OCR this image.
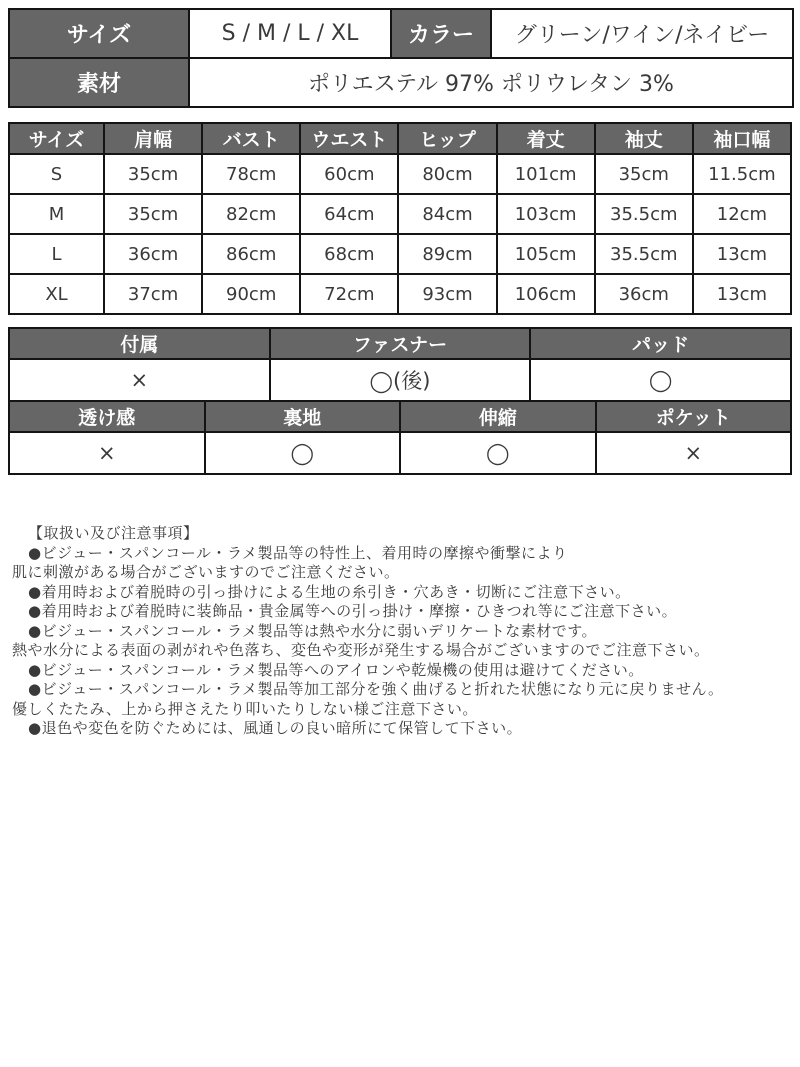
サイズ	S / M / L / XL	カラー	グリーン/ワイン/ネイビー
素材	ポリエステル 97% ポリウレタン 3%		
サイズ	肩幅	バスト	ウエスト	ヒップ	着丈	袖丈	袖口幅
S	35cm	78cm	60cm	80cm	101cm	35cm	11.5cm
M	35cm	82cm	64cm	84cm	103cm	35.5cm	12cm
L	36cm	86cm	68cm	89cm	105cm	35.5cm	13cm
XL	37cm	90cm	72cm	93cm	106cm	36cm	13cm
付属	ファスナー	パッド
×	◯(後)	◯
透け感	裏地	伸縮	ポケット
×	◯	◯	×
【取扱い及び注意事項】
●ビジュー・スパンコール・ラメ製品等の特性上、着用時の摩擦や衝撃により
肌に刺激がある場合がございますのでご注意ください。
●着用時および着脱時の引っ掛けによる生地の糸引き・穴あき・切断にご注意下さい。
●着用時および着脱時に装飾品・貴金属等への引っ掛け・摩擦・ひきつれ等にご注意下さい。
●ビジュー・スパンコール・ラメ製品等は熱や水分に弱いデリケートな素材です。
熱や水分による表面の剥がれや色落ち、変色や変形が発生する場合がございますのでご注意下さい。
●ビジュー・スパンコール・ラメ製品等へのアイロンや乾燥機の使用は避けてください。
●ビジュー・スパンコール・ラメ製品等加工部分を強く曲げると折れた状態になり元に戻りません。
優しくたたみ、上から押さえたり叩いたりしない様ご注意下さい。
●退色や変色を防ぐためには、風通しの良い暗所にて保管して下さい。
